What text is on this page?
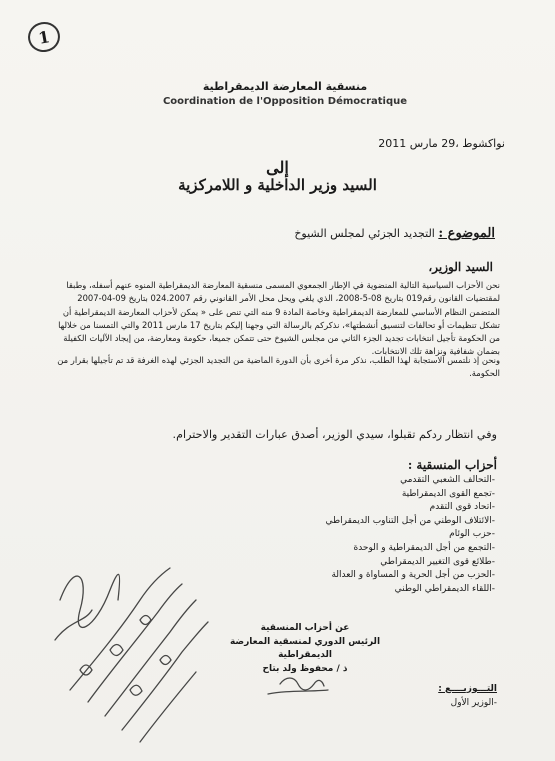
1
منسقية المعارضة الديمقراطية
Coordination de l'Opposition Démocratique
نواكشوط ،29 مارس 2011
إلى
السيد وزير الداخلية و اللامركزية
الموضوع : التجديد الجزئي لمجلس الشيوخ
السيد الوزير،
نحن الأحزاب السياسية التالية المنضوية في الإطار الجمعوي المسمى منسقية المعارضة الديمقراطية المنوه عنهم أسفله، وطبقا لمقتضيات القانون رقم019 بتاريخ 08-5-2008، الذي يلغي ويحل محل الأمر القانوني رقم 024.2007 بتاريخ 09-04-2007 المتضمن النظام الأساسي للمعارضة الديمقراطية وخاصة المادة 9 منه التي تنص على « يمكن لأحزاب المعارضة الديمقراطية أن تشكل تنظيمات أو تحالفات لتنسيق أنشطتها»، نذكركم بالرسالة التي وجهنا إليكم بتاريخ 17 مارس 2011 والتي التمسنا من خلالها من الحكومة تأجيل انتخابات تجديد الجزء الثاني من مجلس الشيوخ حتى تتمكن جميعا، حكومة ومعارضة، من إيجاد الآليات الكفيلة بضمان شفافية ونزاهة تلك الانتخابات.
ونحن إذ نلتمس الاستجابة لهذا الطلب، نذكر مرة أخرى بأن الدورة الماضية من التجديد الجزئي لهذه الغرفة قد تم تأجيلها بقرار من الحكومة.
وفي انتظار ردكم تقبلوا، سيدي الوزير، أصدق عبارات التقدير والاحترام.
أحزاب المنسقية :
-التحالف الشعبي التقدمي
-تجمع القوى الديمقراطية
-اتحاد قوى التقدم
-الائتلاف الوطني من أجل التناوب الديمقراطي
-حزب الوئام
-التجمع من أجل الديمقراطية و الوحدة
-طلائع قوى التغيير الديمقراطي
-الحزب من أجل الحرية و المساواة و العدالة
-اللقاء الديمقراطي الوطني
عن أحزاب المنسقية
الرئيس الدوري لمنسقية المعارضة الديمقراطية
ذ / محفوظ ولد بتاح
التـــوزيــــع :
-الوزير الأول
